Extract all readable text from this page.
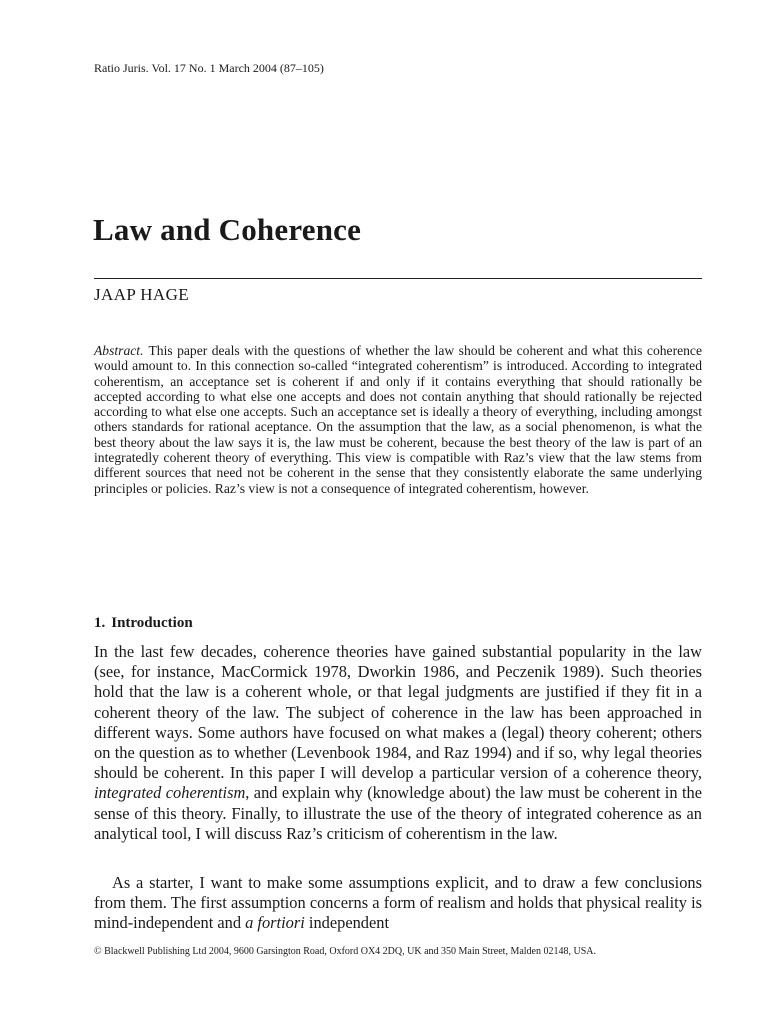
Ratio Juris. Vol. 17 No. 1 March 2004 (87–105)
Law and Coherence
JAAP HAGE

Abstract. This paper deals with the questions of whether the law should be coherent and what this coherence would amount to. In this connection so-called “integrated coherentism” is introduced. According to integrated coherentism, an acceptance set is coherent if and only if it contains everything that should rationally be accepted according to what else one accepts and does not contain anything that should rationally be rejected according to what else one accepts. Such an acceptance set is ideally a theory of everything, including amongst others standards for rational aceptance. On the assumption that the law, as a social phenomenon, is what the best theory about the law says it is, the law must be coherent, because the best theory of the law is part of an integratedly coherent theory of everything. This view is compatible with Raz’s view that the law stems from different sources that need not be coherent in the sense that they consistently elaborate the same underlying principles or policies. Raz’s view is not a consequence of integrated coherentism, however.

1. Introduction

In the last few decades, coherence theories have gained substantial popularity in the law (see, for instance, MacCormick 1978, Dworkin 1986, and Peczenik 1989). Such theories hold that the law is a coherent whole, or that legal judgments are justified if they fit in a coherent theory of the law. The subject of coherence in the law has been approached in different ways. Some authors have focused on what makes a (legal) theory coherent; others on the question as to whether (Levenbook 1984, and Raz 1994) and if so, why legal theories should be coherent. In this paper I will develop a particular version of a coherence theory, integrated coherentism, and explain why (knowledge about) the law must be coherent in the sense of this theory. Finally, to illustrate the use of the theory of integrated coherence as an analytical tool, I will discuss Raz’s criticism of coherentism in the law.

As a starter, I want to make some assumptions explicit, and to draw a few conclusions from them. The first assumption concerns a form of realism and holds that physical reality is mind-independent and a fortiori independent

© Blackwell Publishing Ltd 2004, 9600 Garsington Road, Oxford OX4 2DQ, UK and 350 Main Street, Malden 02148, USA.
